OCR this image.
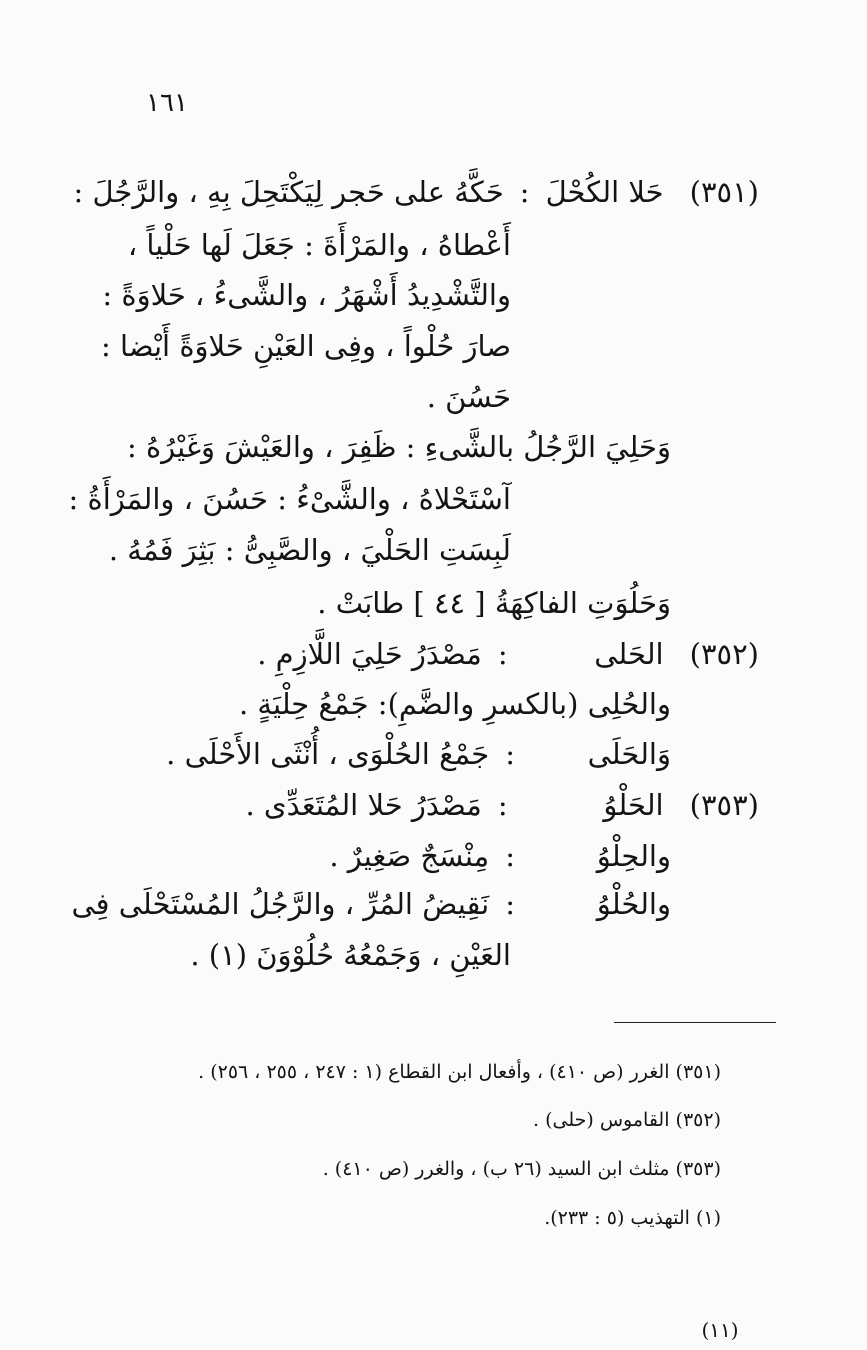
١٦١
(٣٥١)حَلا الكُحْلَ:حَكَّهُ على حَجر لِيَكْتَحِلَ بِهِ ، والرَّجُلَ :
أَعْطاهُ ، والمَرْأَةَ : جَعَلَ لَها حَلْياً ،
والتَّشْدِيدُ أَشْهَرُ ، والشَّىءُ ، حَلاوَةً :
صارَ حُلْواً ، وفِى العَيْنِ حَلاوَةً أَيْضا :
حَسُنَ .
وَحَلِيَ الرَّجُلُ بالشَّىءِ : ظَفِرَ ، والعَيْشَ وَغَيْرُهُ :
آسْتَحْلاهُ ، والشَّىْءُ : حَسُنَ ، والمَرْأَةُ :
لَبِسَتِ الحَلْيَ ، والصَّبِىُّ : بَثِرَ فَمُهُ .
وَحَلُوَتِ الفاكِهَةُ [ ٤٤ ] طابَتْ .
(٣٥٢)الحَلى:مَصْدَرُ حَلِيَ اللَّازِمِ .
والحُلِى (بالكسرِ والضَّمِ): جَمْعُ حِلْيَةٍ .
وَالحَلَى:جَمْعُ الحُلْوَى ، أُنْثَى الأَحْلَى .
(٣٥٣)الحَلْوُ:مَصْدَرُ حَلا المُتَعَدِّى .
والحِلْوُ:مِنْسَجٌ صَغِيرٌ .
والحُلْوُ:نَقِيضُ المُرِّ ، والرَّجُلُ المُسْتَحْلَى فِى
العَيْنِ ، وَجَمْعُهُ حُلُوْوَنَ (١) .
(٣٥١) الغرر (ص ٤١٠) ، وأفعال ابن القطاع (١ : ٢٤٧ ، ٢٥٥ ، ٢٥٦) .
(٣٥٢) القاموس (حلى) .
(٣٥٣) مثلث ابن السيد (٢٦ ب) ، والغرر (ص ٤١٠) .
(١) التهذيب (٥ : ٢٣٣).
(١١)
